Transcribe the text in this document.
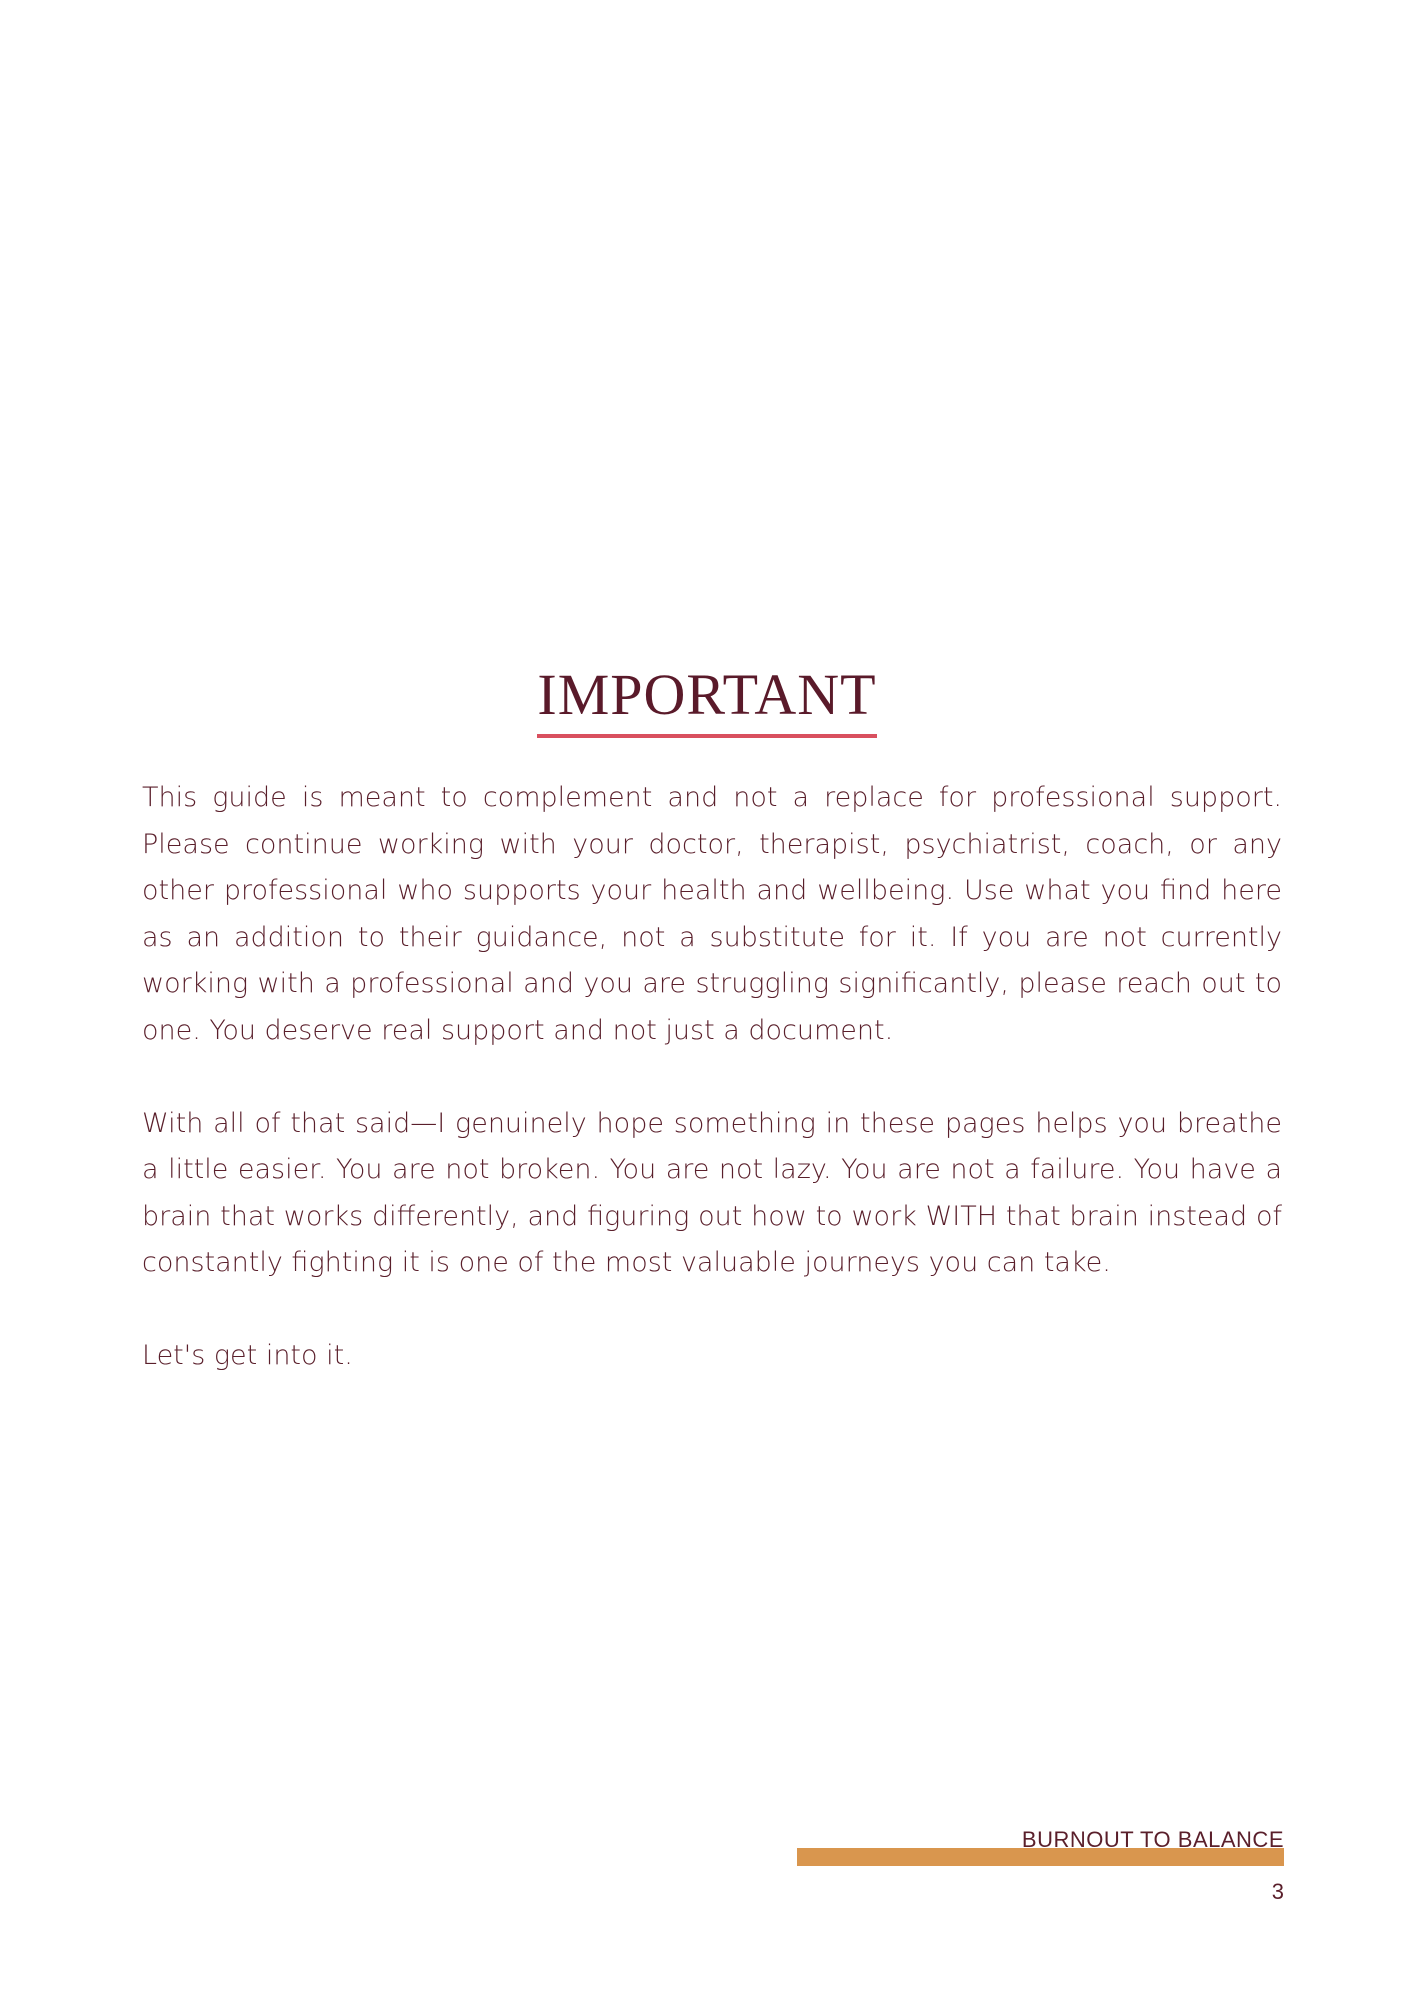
IMPORTANT

This guide is meant to complement and not a replace for professional support. Please continue working with your doctor, therapist, psychiatrist, coach, or any other professional who supports your health and wellbeing. Use what you find here as an addition to their guidance, not a substitute for it. If you are not currently working with a professional and you are struggling significantly, please reach out to one. You deserve real support and not just a document.

With all of that said—I genuinely hope something in these pages helps you breathe a little easier. You are not broken. You are not lazy. You are not a failure. You have a brain that works differently, and figuring out how to work WITH that brain instead of constantly fighting it is one of the most valuable journeys you can take.

Let's get into it.

BURNOUT TO BALANCE
3
